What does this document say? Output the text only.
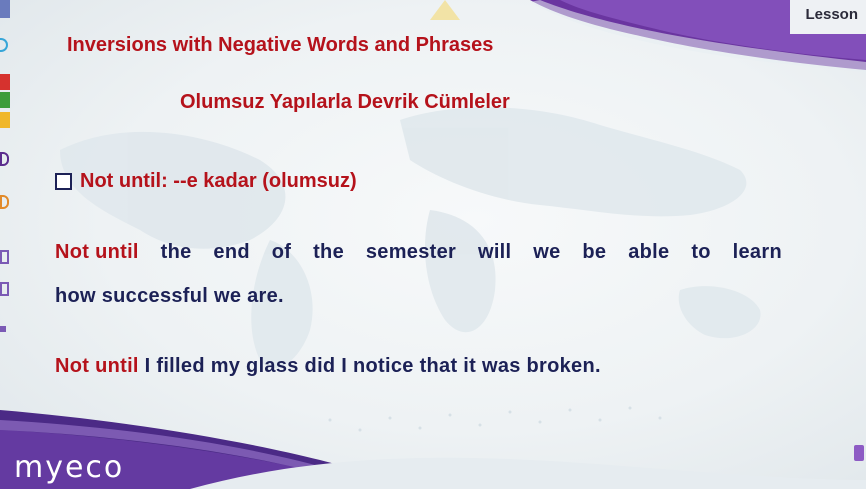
Lesson
Inversions with Negative Words and Phrases
Olumsuz Yapılarla Devrik Cümleler
Not until: --e kadar (olumsuz)
Not until the end of the semester will we be able to learn
how successful we are.
Not until I filled my glass did I notice that it was broken.
myeco
